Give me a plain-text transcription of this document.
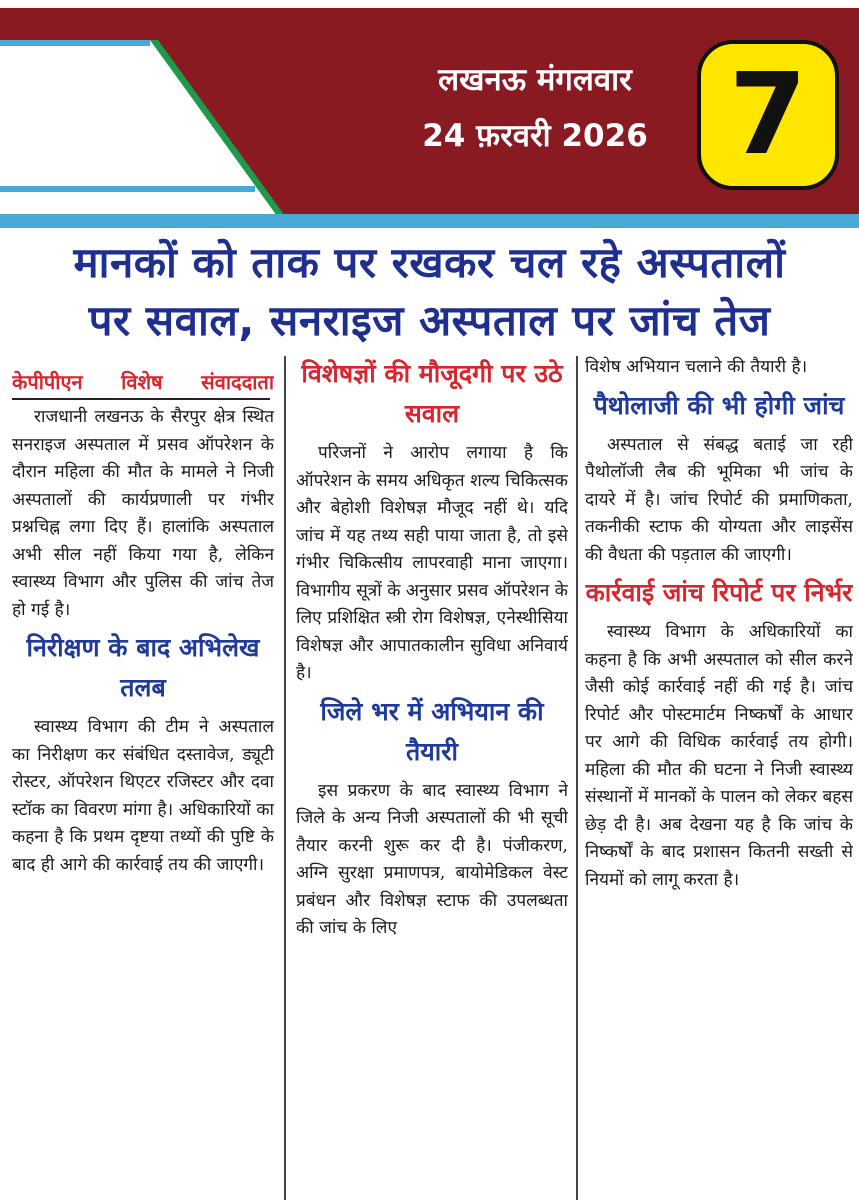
लखनऊ मंगलवार
24 फ़रवरी 2026 7
मानकों को ताक पर रखकर चल रहे अस्पतालों
पर सवाल, सनराइज अस्पताल पर जांच तेज
केपीपीएन विशेष संवाददाता

राजधानी लखनऊ के सैरपुर क्षेत्र स्थित सनराइज अस्पताल में प्रसव ऑपरेशन के दौरान महिला की मौत के मामले ने निजी अस्पतालों की कार्यप्रणाली पर गंभीर प्रश्नचिह्न लगा दिए हैं। हालांकि अस्पताल अभी सील नहीं किया गया है, लेकिन स्वास्थ्य विभाग और पुलिस की जांच तेज हो गई है।

निरीक्षण के बाद अभिलेख तलब

स्वास्थ्य विभाग की टीम ने अस्पताल का निरीक्षण कर संबंधित दस्तावेज, ड्यूटी रोस्टर, ऑपरेशन थिएटर रजिस्टर और दवा स्टॉक का विवरण मांगा है। अधिकारियों का कहना है कि प्रथम दृष्टया तथ्यों की पुष्टि के बाद ही आगे की कार्रवाई तय की जाएगी।

विशेषज्ञों की मौजूदगी पर उठे सवाल

परिजनों ने आरोप लगाया है कि ऑपरेशन के समय अधिकृत शल्य चिकित्सक और बेहोशी विशेषज्ञ मौजूद नहीं थे। यदि जांच में यह तथ्य सही पाया जाता है, तो इसे गंभीर चिकित्सीय लापरवाही माना जाएगा। विभागीय सूत्रों के अनुसार प्रसव ऑपरेशन के लिए प्रशिक्षित स्त्री रोग विशेषज्ञ, एनेस्थीसिया विशेषज्ञ और आपातकालीन सुविधा अनिवार्य है।

जिले भर में अभियान की तैयारी

इस प्रकरण के बाद स्वास्थ्य विभाग ने जिले के अन्य निजी अस्पतालों की भी सूची तैयार करनी शुरू कर दी है। पंजीकरण, अग्नि सुरक्षा प्रमाणपत्र, बायोमेडिकल वेस्ट प्रबंधन और विशेषज्ञ स्टाफ की उपलब्धता की जांच के लिए

विशेष अभियान चलाने की तैयारी है।

पैथोलाजी की भी होगी जांच

अस्पताल से संबद्ध बताई जा रही पैथोलॉजी लैब की भूमिका भी जांच के दायरे में है। जांच रिपोर्ट की प्रमाणिकता, तकनीकी स्टाफ की योग्यता और लाइसेंस की वैधता की पड़ताल की जाएगी।

कार्रवाई जांच रिपोर्ट पर निर्भर

स्वास्थ्य विभाग के अधिकारियों का कहना है कि अभी अस्पताल को सील करने जैसी कोई कार्रवाई नहीं की गई है। जांच रिपोर्ट और पोस्टमार्टम निष्कर्षों के आधार पर आगे की विधिक कार्रवाई तय होगी।महिला की मौत की घटना ने निजी स्वास्थ्य संस्थानों में मानकों के पालन को लेकर बहस छेड़ दी है। अब देखना यह है कि जांच के निष्कर्षों के बाद प्रशासन कितनी सख्ती से नियमों को लागू करता है।
